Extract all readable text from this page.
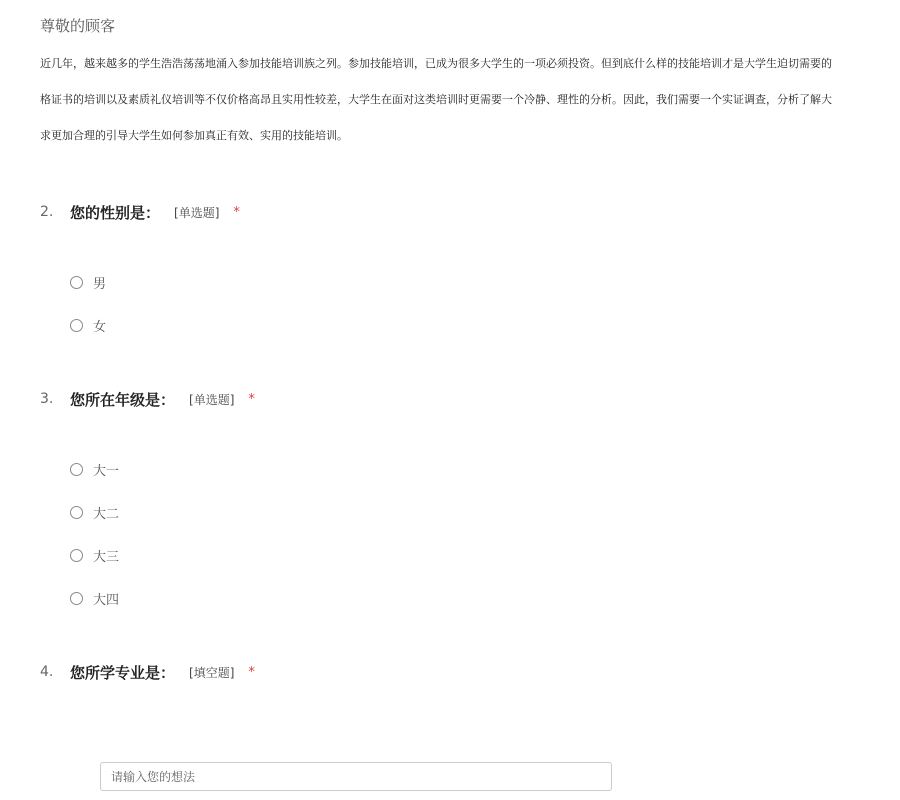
尊敬的顾客
近几年，越来越多的学生浩浩荡荡地涌入参加技能培训族之列。参加技能培训，已成为很多大学生的一项必须投资。但到底什么样的技能培训才是大学生迫切需要的
格证书的培训以及素质礼仪培训等不仅价格高昂且实用性较差，大学生在面对这类培训时更需要一个冷静、理性的分析。因此，我们需要一个实证调查，分析了解大
求更加合理的引导大学生如何参加真正有效、实用的技能培训。
2.	您的性别是： [单选题] *
男
女
3.	您所在年级是： [单选题] *
大一
大二
大三
大四
4.	您所学专业是： [填空题] *
请输入您的想法
